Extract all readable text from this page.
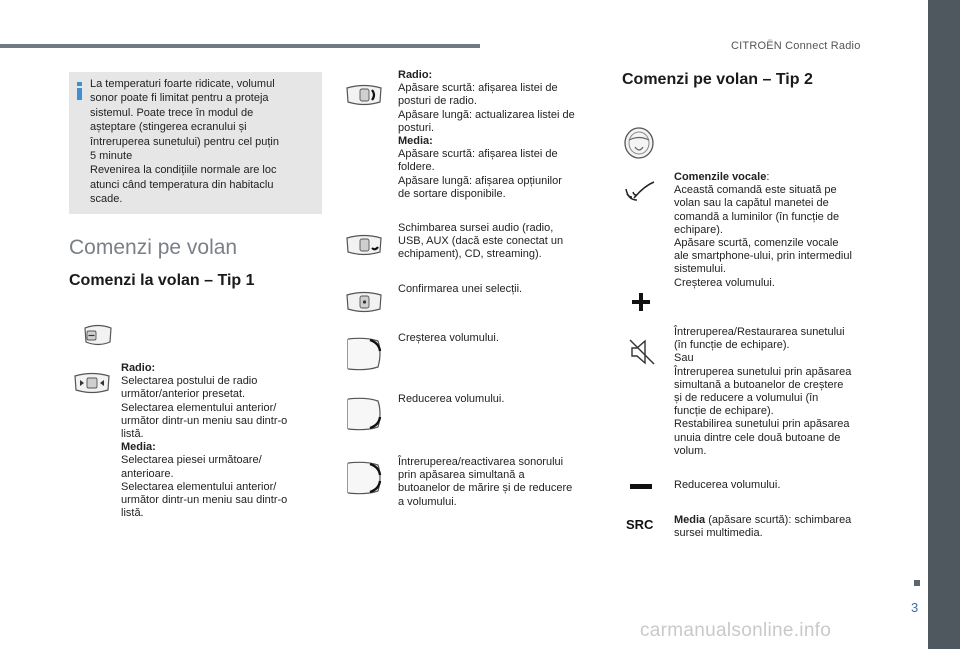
CITROËN Connect Radio
3
carmanualsonline.info
La temperaturi foarte ridicate, volumul
sonor poate fi limitat pentru a proteja
sistemul. Poate trece în modul de
așteptare (stingerea ecranului și
întreruperea sunetului) pentru cel puțin
5 minute
Revenirea la condițiile normale are loc
atunci când temperatura din habitaclu
scade.
Comenzi pe volan
Comenzi la volan – Tip 1
Radio:
Selectarea postului de radio
următor/anterior presetat.
Selectarea elementului anterior/
următor dintr-un meniu sau dintr-o
listă.
Media:
Selectarea piesei următoare/
anterioare.
Selectarea elementului anterior/
următor dintr-un meniu sau dintr-o
listă.
Radio:
Apăsare scurtă: afișarea listei de
posturi de radio.
Apăsare lungă: actualizarea listei de
posturi.
Media:
Apăsare scurtă: afișarea listei de
foldere.
Apăsare lungă: afișarea opțiunilor
de sortare disponibile.
Schimbarea sursei audio (radio,
USB, AUX (dacă este conectat un
echipament), CD, streaming).
Confirmarea unei selecții.
Creșterea volumului.
Reducerea volumului.
Întreruperea/reactivarea sonorului
prin apăsarea simultană a
butoanelor de mărire și de reducere
a volumului.
Comenzi pe volan – Tip 2
SRC
Comenzile vocale:
Această comandă este situată pe
volan sau la capătul manetei de
comandă a luminilor (în funcție de
echipare).
Apăsare scurtă, comenzile vocale
ale smartphone-ului, prin intermediul
sistemului.
Creșterea volumului.
Întreruperea/Restaurarea sunetului
(în funcție de echipare).
Sau
Întreruperea sunetului prin apăsarea
simultană a butoanelor de creștere
și de reducere a volumului (în
funcție de echipare).
Restabilirea sunetului prin apăsarea
unuia dintre cele două butoane de
volum.
Reducerea volumului.
Media (apăsare scurtă): schimbarea
sursei multimedia.
